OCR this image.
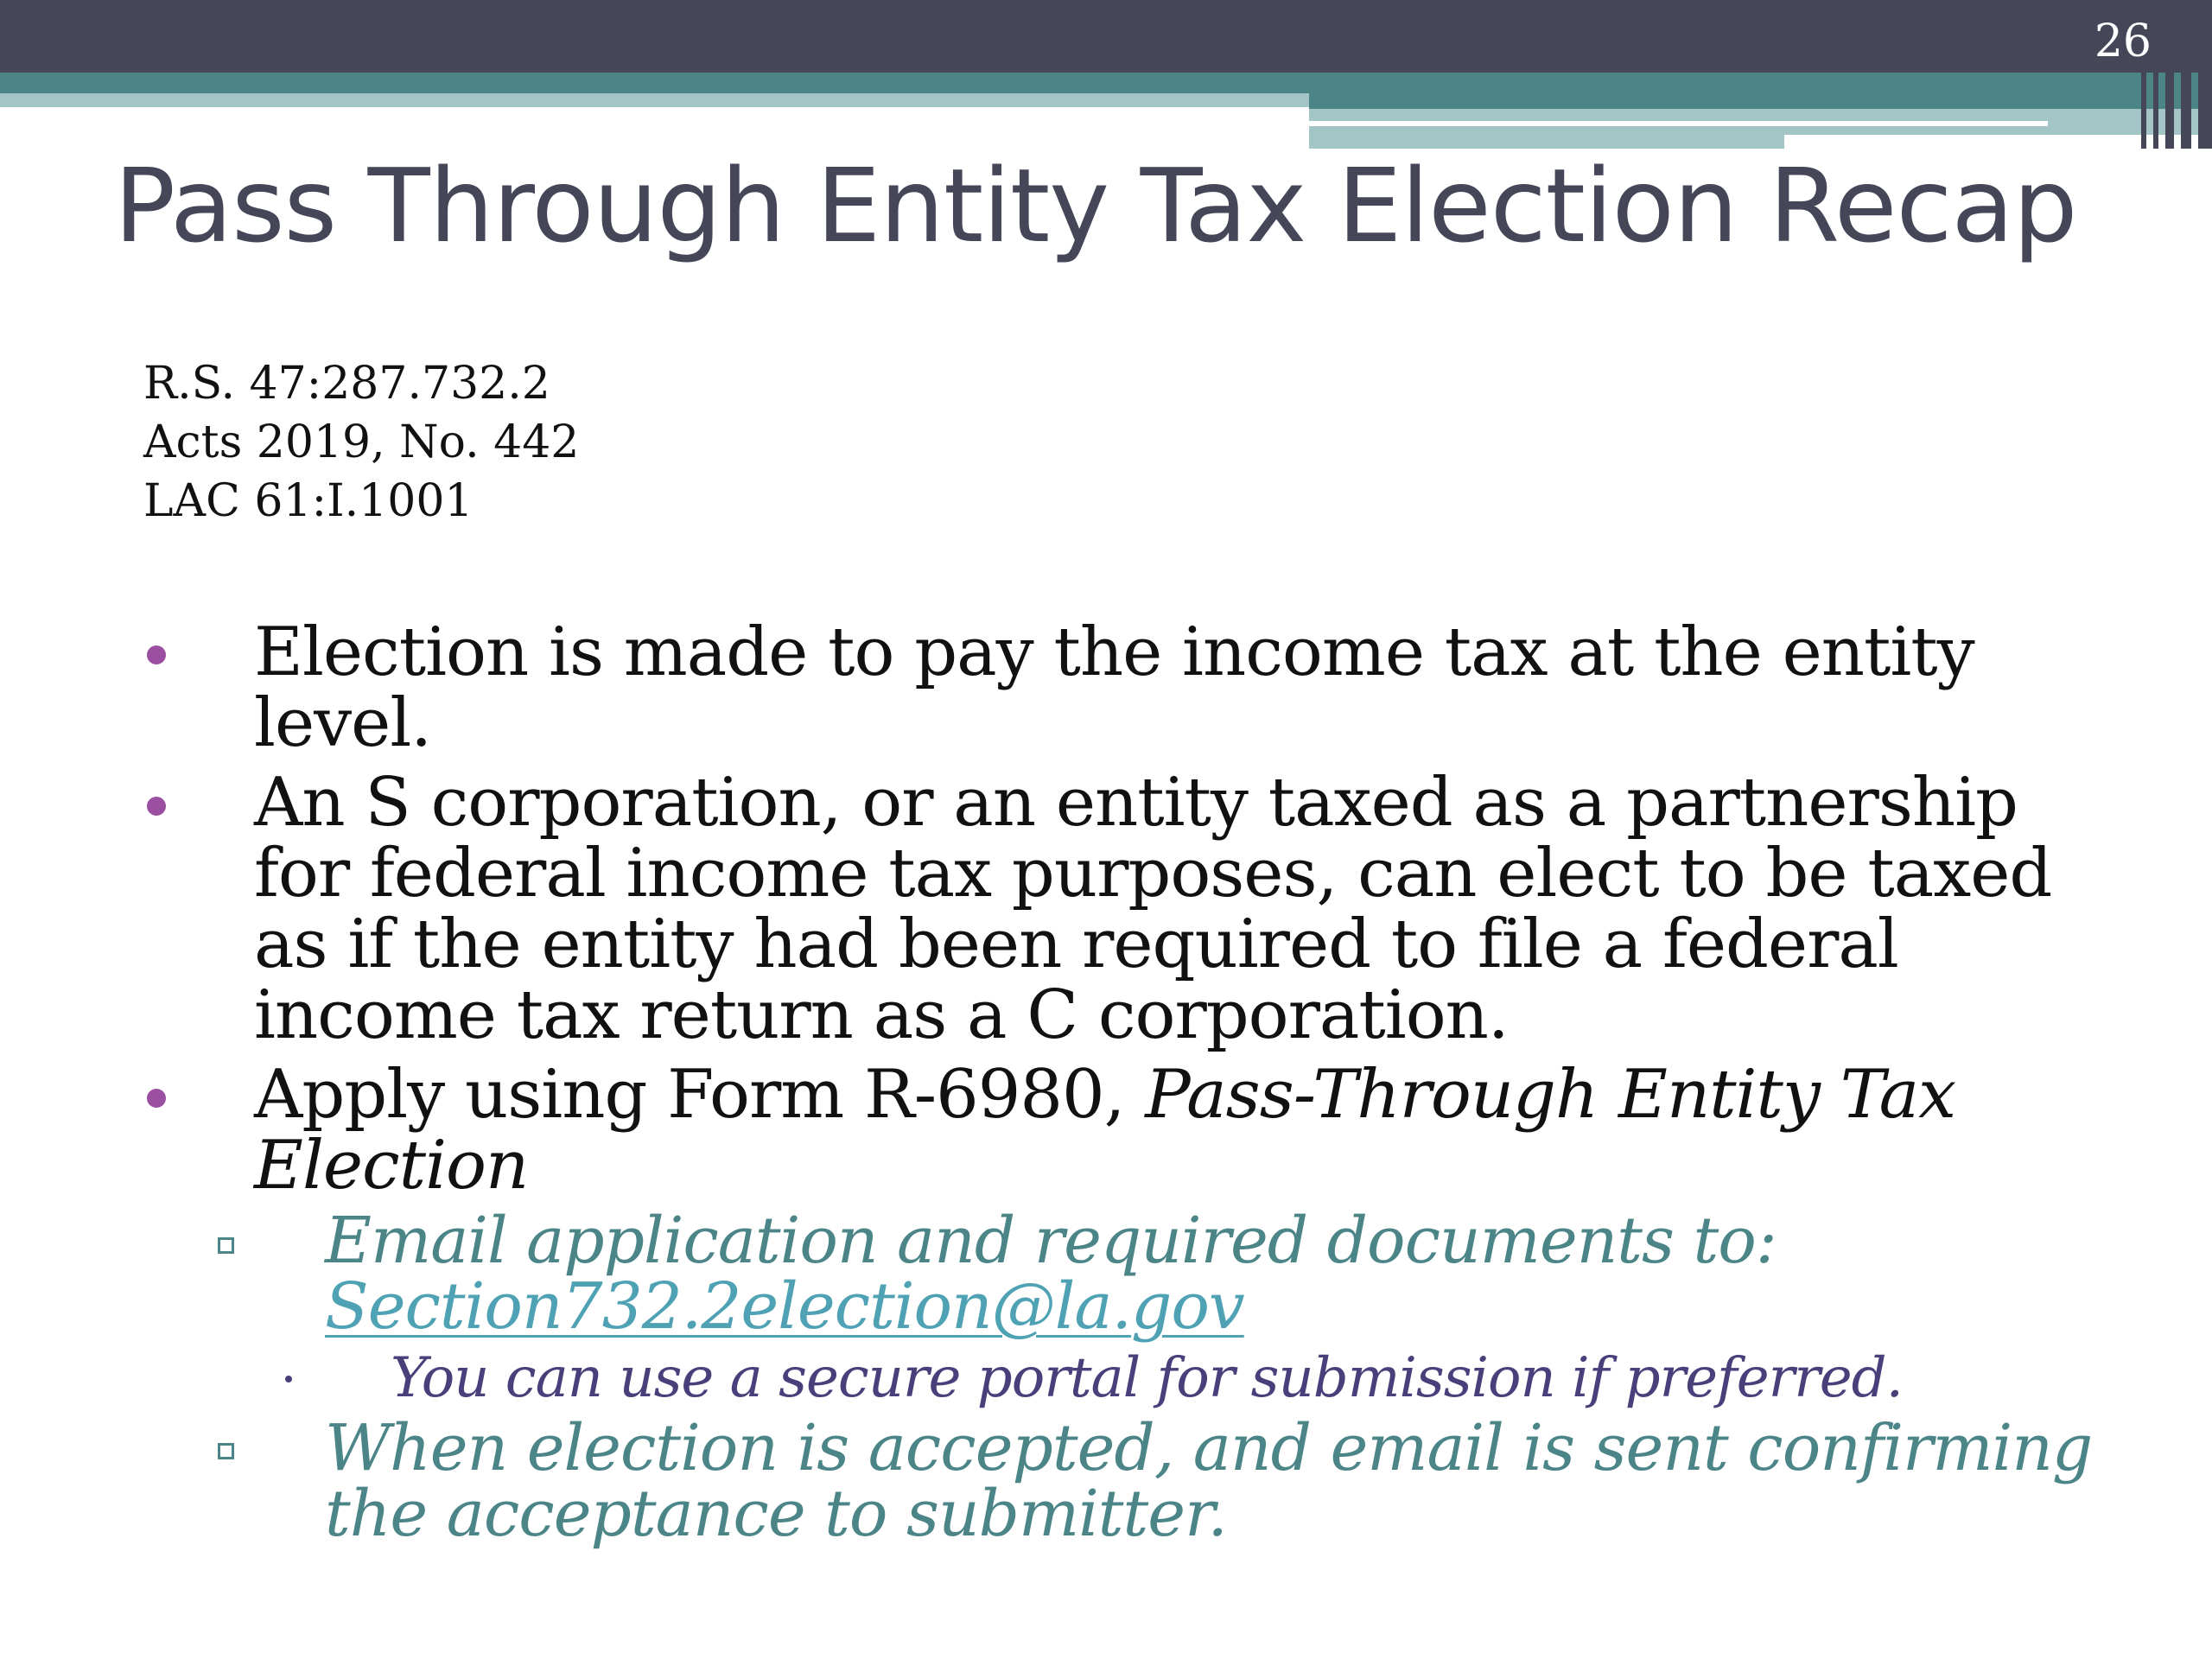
26
Pass Through Entity Tax Election Recap
R.S. 47:287.732.2
Acts 2019, No. 442
LAC 61:I.1001
Election is made to pay the income tax at the entity level.
An S corporation, or an entity taxed as a partnership for federal income tax purposes, can elect to be taxed as if the entity had been required to file a federal income tax return as a C corporation.
Apply using Form R-6980, Pass-Through Entity Tax Election
Email application and required documents to:
Section732.2election@la.gov
You can use a secure portal for submission if preferred.
When election is accepted, and email is sent confirming the acceptance to submitter.
